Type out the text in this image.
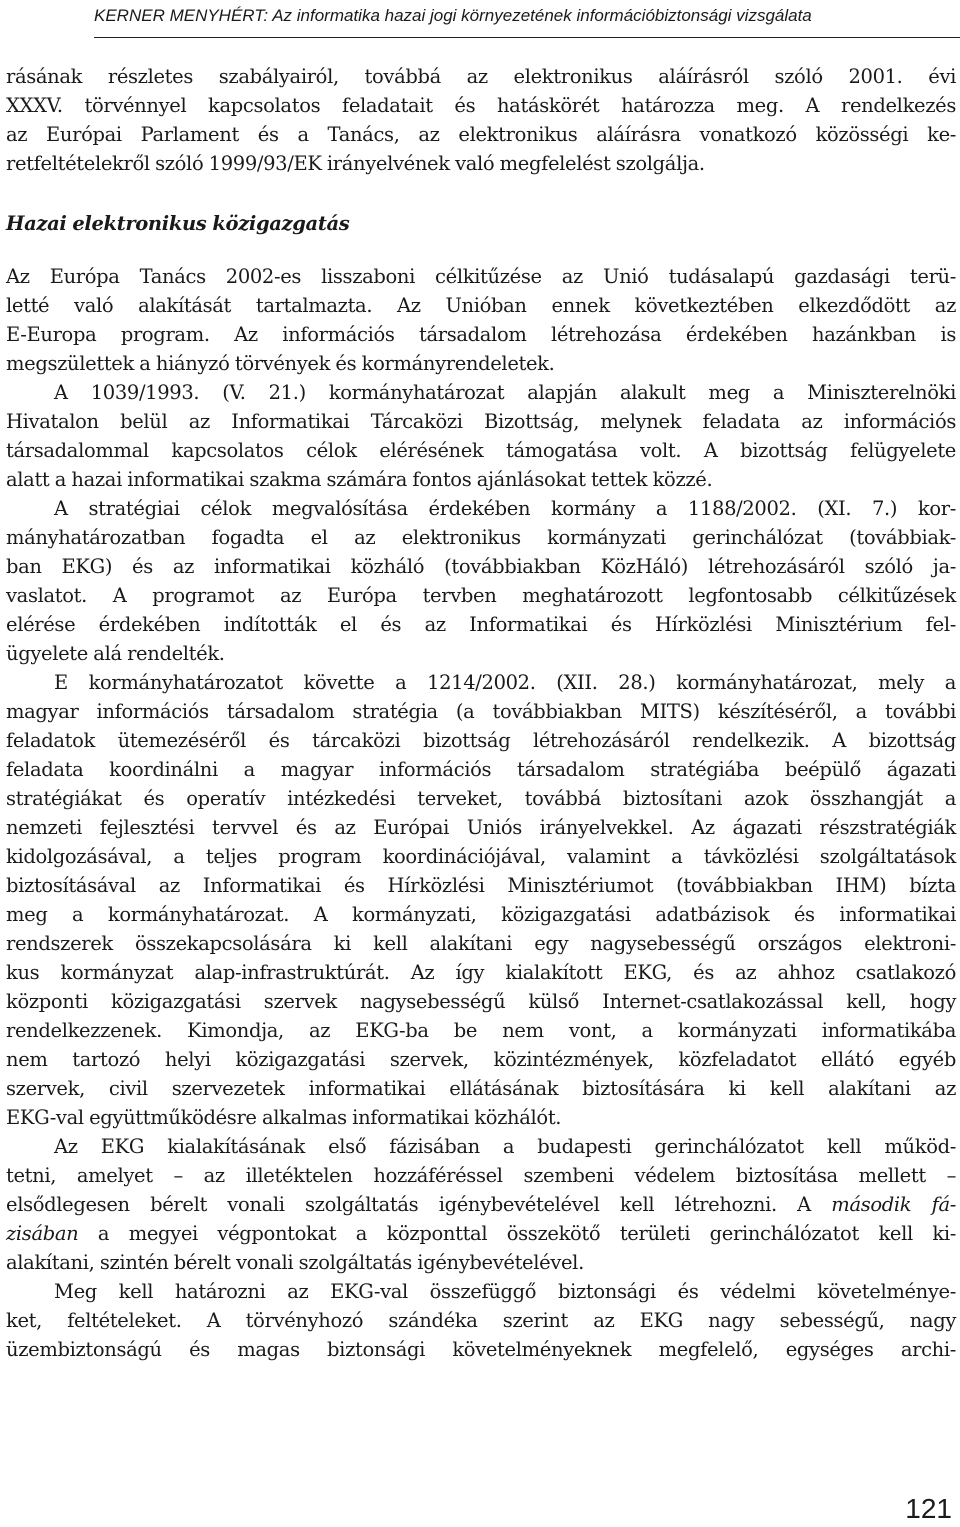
KERNER MENYHÉRT: Az informatika hazai jogi környezetének információbiztonsági vizsgálata
rásának részletes szabályairól, továbbá az elektronikus aláírásról szóló 2001. évi
XXXV. törvénnyel kapcsolatos feladatait és hatáskörét határozza meg. A rendelkezés
az Európai Parlament és a Tanács, az elektronikus aláírásra vonatkozó közösségi ke-
retfeltételekről szóló 1999/93/EK irányelvének való megfelelést szolgálja.
Hazai elektronikus közigazgatás
Az Európa Tanács 2002-es lisszaboni célkitűzése az Unió tudásalapú gazdasági terü-
letté való alakítását tartalmazta. Az Unióban ennek következtében elkezdődött az
E-Europa program. Az információs társadalom létrehozása érdekében hazánkban is
megszülettek a hiányzó törvények és kormányrendeletek.
A 1039/1993. (V. 21.) kormányhatározat alapján alakult meg a Miniszterelnöki
Hivatalon belül az Informatikai Tárcaközi Bizottság, melynek feladata az információs
társadalommal kapcsolatos célok elérésének támogatása volt. A bizottság felügyelete
alatt a hazai informatikai szakma számára fontos ajánlásokat tettek közzé.
A stratégiai célok megvalósítása érdekében kormány a 1188/2002. (XI. 7.) kor-
mányhatározatban fogadta el az elektronikus kormányzati gerinchálózat (továbbiak-
ban EKG) és az informatikai közháló (továbbiakban KözHáló) létrehozásáról szóló ja-
vaslatot. A programot az Európa tervben meghatározott legfontosabb célkitűzések
elérése érdekében indították el és az Informatikai és Hírközlési Minisztérium fel-
ügyelete alá rendelték.
E kormányhatározatot követte a 1214/2002. (XII. 28.) kormányhatározat, mely a
magyar információs társadalom stratégia (a továbbiakban MITS) készítéséről, a további
feladatok ütemezéséről és tárcaközi bizottság létrehozásáról rendelkezik. A bizottság
feladata koordinálni a magyar információs társadalom stratégiába beépülő ágazati
stratégiákat és operatív intézkedési terveket, továbbá biztosítani azok összhangját a
nemzeti fejlesztési tervvel és az Európai Uniós irányelvekkel. Az ágazati részstratégiák
kidolgozásával, a teljes program koordinációjával, valamint a távközlési szolgáltatások
biztosításával az Informatikai és Hírközlési Minisztériumot (továbbiakban IHM) bízta
meg a kormányhatározat. A kormányzati, közigazgatási adatbázisok és informatikai
rendszerek összekapcsolására ki kell alakítani egy nagysebességű országos elektroni-
kus kormányzat alap-infrastruktúrát. Az így kialakított EKG, és az ahhoz csatlakozó
központi közigazgatási szervek nagysebességű külső Internet-csatlakozással kell, hogy
rendelkezzenek. Kimondja, az EKG-ba be nem vont, a kormányzati informatikába
nem tartozó helyi közigazgatási szervek, közintézmények, közfeladatot ellátó egyéb
szervek, civil szervezetek informatikai ellátásának biztosítására ki kell alakítani az
EKG-val együttműködésre alkalmas informatikai közhálót.
Az EKG kialakításának első fázisában a budapesti gerinchálózatot kell működ-
tetni, amelyet – az illetéktelen hozzáféréssel szembeni védelem biztosítása mellett –
elsődlegesen bérelt vonali szolgáltatás igénybevételével kell létrehozni. A második fá-
zisában a megyei végpontokat a központtal összekötő területi gerinchálózatot kell ki-
alakítani, szintén bérelt vonali szolgáltatás igénybevételével.
Meg kell határozni az EKG-val összefüggő biztonsági és védelmi követelménye-
ket, feltételeket. A törvényhozó szándéka szerint az EKG nagy sebességű, nagy
üzembiztonságú és magas biztonsági követelményeknek megfelelő, egységes archi-
121
